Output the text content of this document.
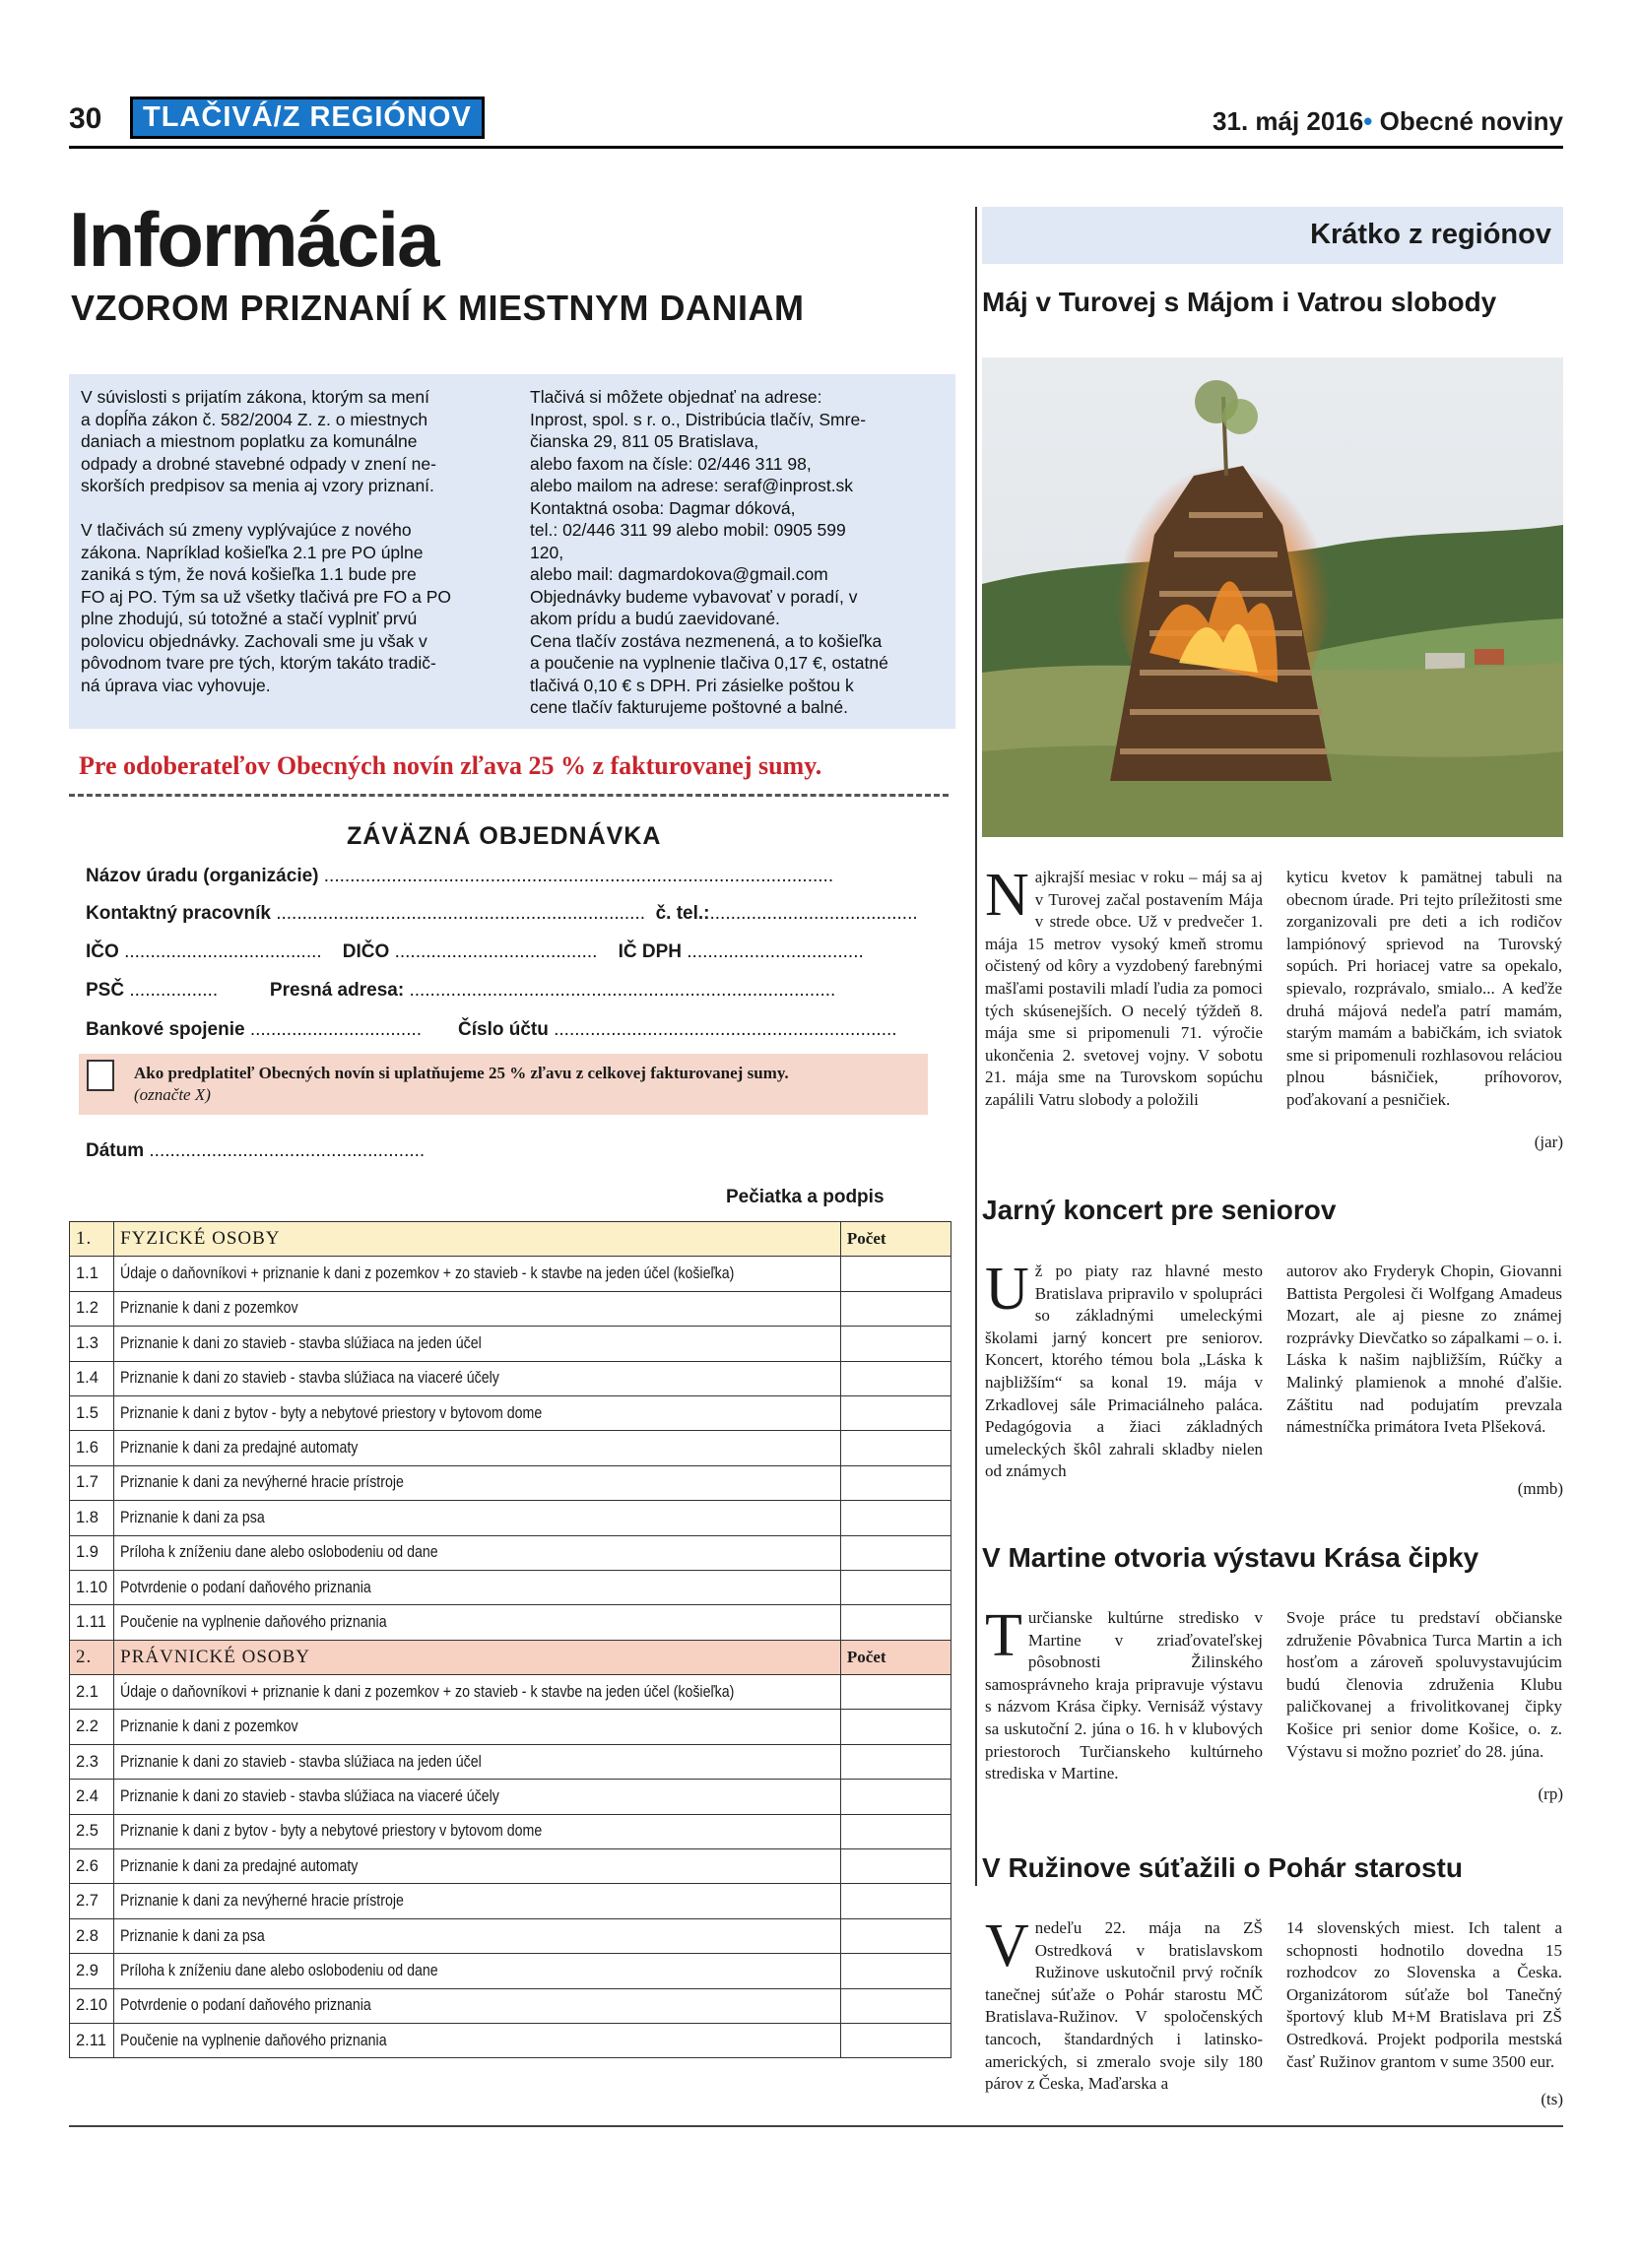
30	TLAČIVÁ/Z REGIÓNOV	31. máj 2016• Obecné noviny
Informácia
VZOROM PRIZNANÍ K MIESTNYM DANIAM
V súvislosti s prijatím zákona, ktorým sa mení
a dopĺňa zákon č. 582/2004 Z. z. o miestnych
daniach a miestnom poplatku za komunálne
odpady a drobné stavebné odpady v znení ne-
skorších predpisov sa menia aj vzory priznaní.

V tlačivách sú zmeny vyplývajúce z nového
zákona. Napríklad košieľka 2.1 pre PO úplne
zaniká s tým, že nová košieľka 1.1 bude pre
FO aj PO. Tým sa už všetky tlačivá pre FO a PO
plne zhodujú, sú totožné a stačí vyplniť prvú
polovicu objednávky. Zachovali sme ju však v
pôvodnom tvare pre tých, ktorým takáto tradič-
ná úprava viac vyhovuje.
Tlačivá si môžete objednať na adrese:
Inprost, spol. s r. o., Distribúcia tlačív, Smre-
čianska 29, 811 05 Bratislava,
alebo faxom na čísle: 02/446 311 98,
alebo mailom na adrese: seraf@inprost.sk
Kontaktná osoba: Dagmar dóková,
tel.: 02/446 311 99 alebo mobil: 0905 599
120,
alebo mail: dagmardokova@gmail.com
Objednávky budeme vybavovať v poradí, v
akom prídu a budú zaevidované.
Cena tlačív zostáva nezmenená, a to košieľka
a poučenie na vyplnenie tlačiva 0,17 €, ostatné
tlačivá 0,10 € s DPH. Pri zásielke poštou k
cene tlačív fakturujeme poštovné a balné.
Pre odoberateľov Obecných novín zľava 25 % z fakturovanej sumy.
ZÁVÄZNÁ OBJEDNÁVKA
Názov úradu (organizácie) ..................................................................................................
Kontaktný pracovník ....................................................................... č. tel.:........................................
IČO ...................................... DIČO ....................................... IČ DPH ..................................
PSČ .................	Presná adresa: ..................................................................................
Bankové spojenie ................................. Číslo účtu ..................................................................
Ako predplatiteľ Obecných novín si uplatňujeme 25 % zľavu z celkovej fakturovanej sumy.
(označte X)
Dátum .....................................................
Pečiatka a podpis
1.	FYZICKÉ OSOBY	Počet
1.1	Údaje o daňovníkovi + priznanie k dani z pozemkov + zo stavieb - k stavbe na jeden účel (košieľka)	
1.2	Priznanie k dani z pozemkov	
1.3	Priznanie k dani zo stavieb - stavba slúžiaca na jeden účel	
1.4	Priznanie k dani zo stavieb - stavba slúžiaca na viaceré účely	
1.5	Priznanie k dani z bytov - byty a nebytové priestory v bytovom dome	
1.6	Priznanie k dani za predajné automaty	
1.7	Priznanie k dani za nevýherné hracie prístroje	
1.8	Priznanie k dani za psa	
1.9	Príloha k zníženiu dane alebo oslobodeniu od dane	
1.10	Potvrdenie o podaní daňového priznania	
1.11	Poučenie na vyplnenie daňového priznania	
2.	PRÁVNICKÉ OSOBY	Počet
2.1	Údaje o daňovníkovi + priznanie k dani z pozemkov + zo stavieb - k stavbe na jeden účel (košieľka)	
2.2	Priznanie k dani z pozemkov	
2.3	Priznanie k dani zo stavieb - stavba slúžiaca na jeden účel	
2.4	Priznanie k dani zo stavieb - stavba slúžiaca na viaceré účely	
2.5	Priznanie k dani z bytov - byty a nebytové priestory v bytovom dome	
2.6	Priznanie k dani za predajné automaty	
2.7	Priznanie k dani za nevýherné hracie prístroje	
2.8	Priznanie k dani za psa	
2.9	Príloha k zníženiu dane alebo oslobodeniu od dane	
2.10	Potvrdenie o podaní daňového priznania	
2.11	Poučenie na vyplnenie daňového priznania	
Krátko z regiónov
Máj v Turovej s Májom i Vatrou slobody
Najkrajší mesiac v roku – máj sa aj v Turovej začal postavením Mája v strede obce. Už v predvečer 1. mája 15 metrov vysoký kmeň stromu očistený od kôry a vyzdobený farebnými mašľami postavili mladí ľudia za pomoci tých skúsenejších. O necelý týždeň 8. mája sme si pripomenuli 71. výročie ukončenia 2. svetovej vojny. V sobotu 21. mája sme na Turovskom sopúchu zapálili Vatru slobody a položili
kyticu kvetov k pamätnej tabuli na obecnom úrade. Pri tejto príležitosti sme zorganizovali pre deti a ich rodičov lampiónový sprievod na Turovský sopúch. Pri horiacej vatre sa opekalo, spievalo, rozprávalo, smialo... A keďže druhá májová nedeľa patrí mamám, starým mamám a babičkám, ich sviatok sme si pripomenuli rozhlasovou reláciou plnou básničiek, príhovorov, poďakovaní a pesničiek.
(jar)
Jarný koncert pre seniorov
Už po piaty raz hlavné mesto Bratislava pripravilo v spolupráci so základnými umeleckými školami jarný koncert pre seniorov. Koncert, ktorého témou bola „Láska k najbližším“ sa konal 19. mája v Zrkadlovej sále Primaciálneho paláca. Pedagógovia a žiaci základných umeleckých škôl zahrali skladby nielen od známych
autorov ako Fryderyk Chopin, Giovanni Battista Pergolesi či Wolfgang Amadeus Mozart, ale aj piesne zo známej rozprávky Dievčatko so zápalkami – o. i. Láska k našim najbližším, Rúčky a Malinký plamienok a mnohé ďalšie. Záštitu nad podujatím prevzala námestníčka primátora Iveta Plšeková.
(mmb)
V Martine otvoria výstavu Krása čipky
Turčianske kultúrne stredisko v Martine v zriaďovateľskej pôsobnosti Žilinského samosprávneho kraja pripravuje výstavu s názvom Krása čipky. Vernisáž výstavy sa uskutoční 2. júna o 16. h v klubových priestoroch Turčianskeho kultúrneho strediska v Martine.
Svoje práce tu predstaví občianske združenie Pôvabnica Turca Martin a ich hosťom a zároveň spoluvystavujúcim budú členovia združenia Klubu paličkovanej a frivolitkovanej čipky Košice pri senior dome Košice, o. z. Výstavu si možno pozrieť do 28. júna.
(rp)
V Ružinove súťažili o Pohár starostu
Vnedeľu 22. mája na ZŠ Ostredková v bratislavskom Ružinove uskutočnil prvý ročník tanečnej súťaže o Pohár starostu MČ Bratislava-Ružinov. V spoločenských tancoch, štandardných i latinsko-amerických, si zmeralo svoje sily 180 párov z Česka, Maďarska a
14 slovenských miest. Ich talent a schopnosti hodnotilo dovedna 15 rozhodcov zo Slovenska a Česka. Organizátorom súťaže bol Tanečný športový klub M+M Bratislava pri ZŠ Ostredková. Projekt podporila mestská časť Ružinov grantom v sume 3500 eur.
(ts)
